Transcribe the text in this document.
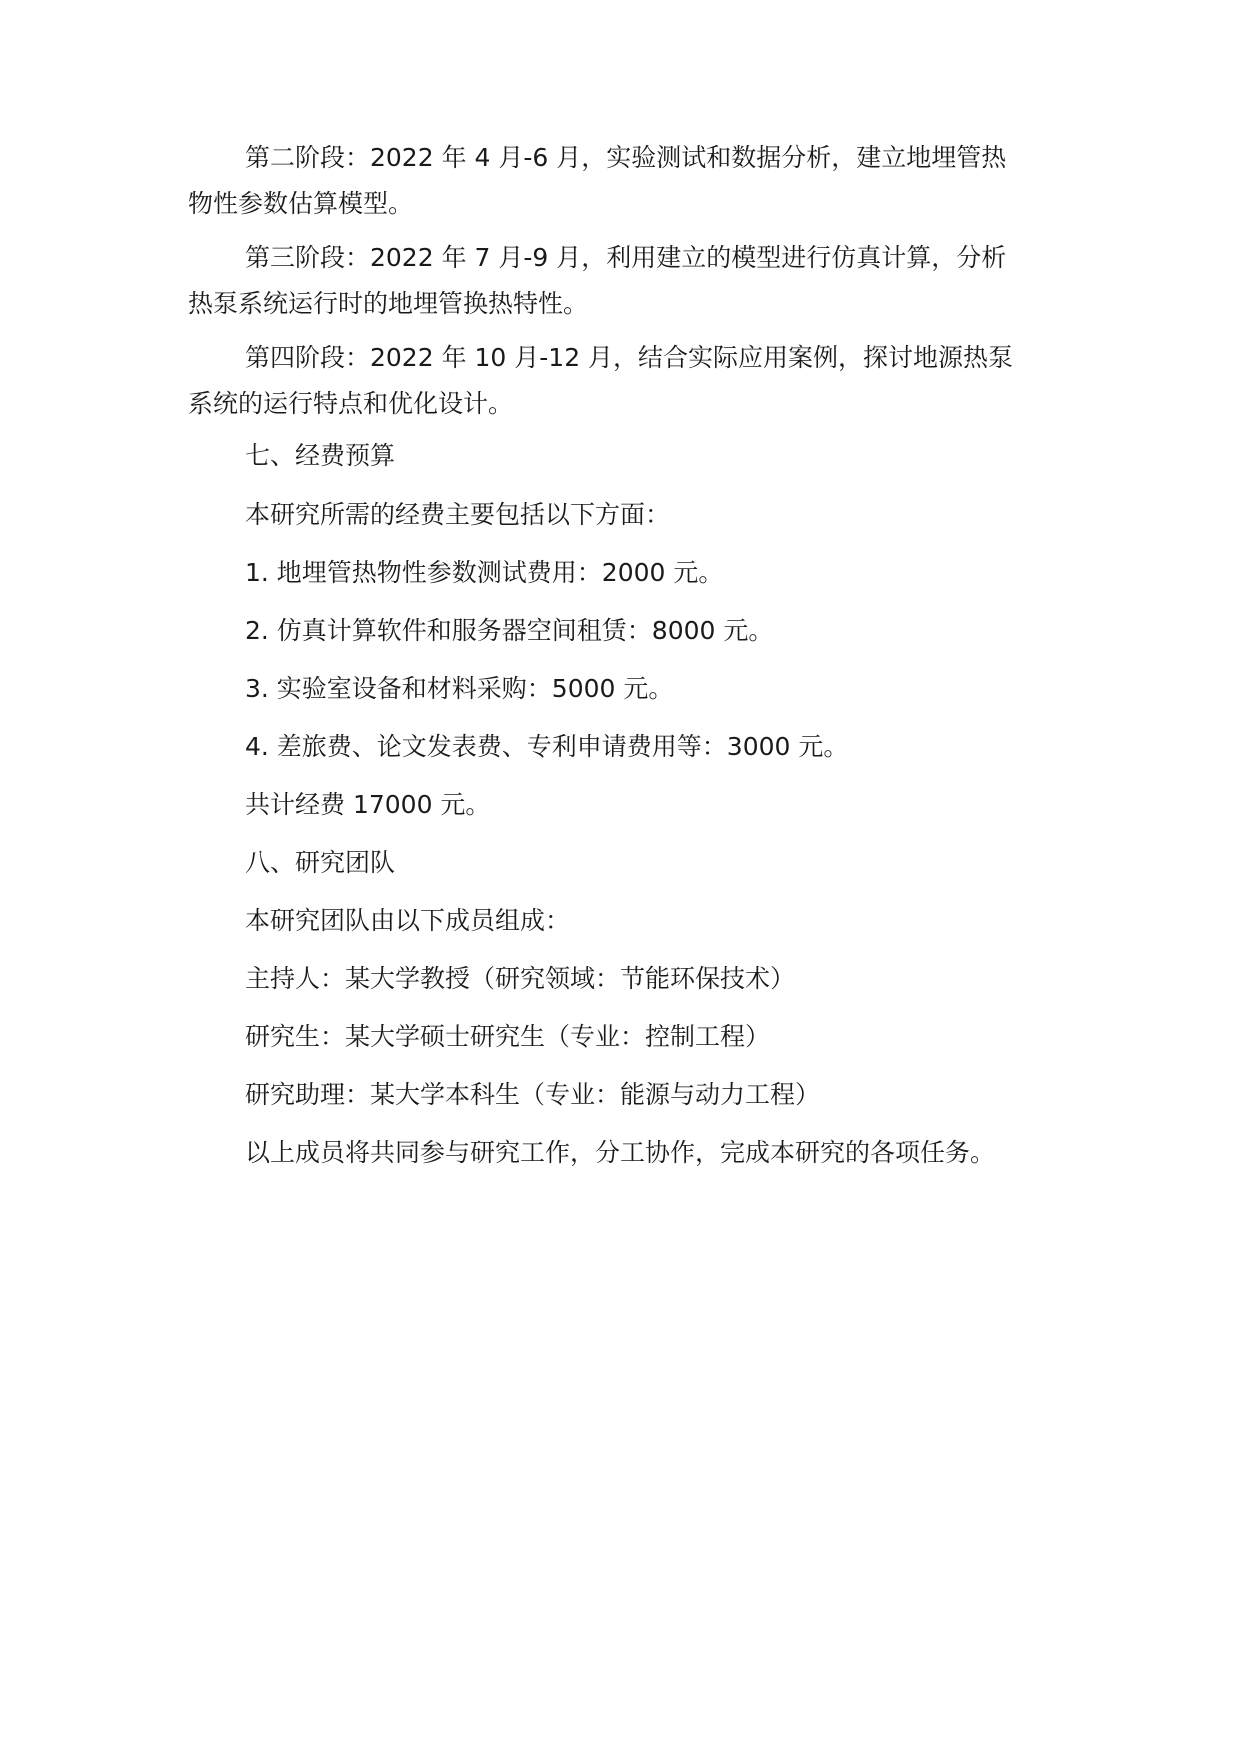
第二阶段：2022 年 4 月-6 月，实验测试和数据分析，建立地埋管热
物性参数估算模型。

第三阶段：2022 年 7 月-9 月，利用建立的模型进行仿真计算，分析
热泵系统运行时的地埋管换热特性。

第四阶段：2022 年 10 月-12 月，结合实际应用案例，探讨地源热泵
系统的运行特点和优化设计。

七、经费预算

本研究所需的经费主要包括以下方面：

1. 地埋管热物性参数测试费用：2000 元。

2. 仿真计算软件和服务器空间租赁：8000 元。

3. 实验室设备和材料采购：5000 元。

4. 差旅费、论文发表费、专利申请费用等：3000 元。

共计经费 17000 元。

八、研究团队

本研究团队由以下成员组成：

主持人：某大学教授（研究领域：节能环保技术）

研究生：某大学硕士研究生（专业：控制工程）

研究助理：某大学本科生（专业：能源与动力工程）

以上成员将共同参与研究工作，分工协作，完成本研究的各项任务。
